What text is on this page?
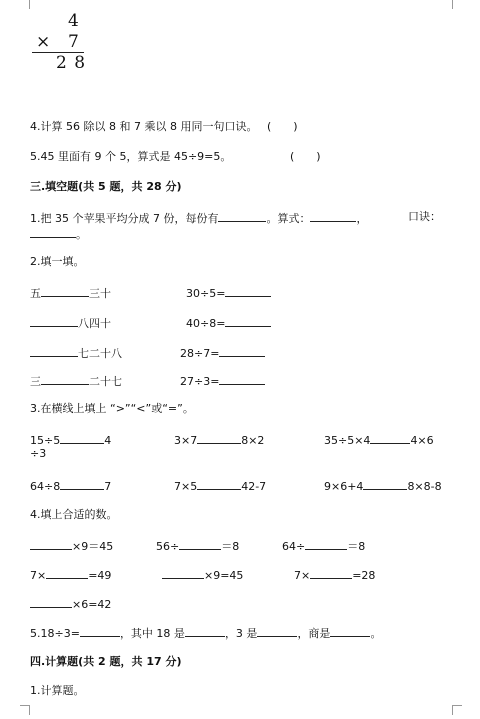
4
× 7
2 8
4.计算 56 除以 8 和 7 乘以 8 用同一句口诀。 (　　)
5.45 里面有 9 个 5，算式是 45÷9=5。	(　　)
三.填空题(共 5 题，共 28 分)
1.把 35 个苹果平均分成 7 份，每份有	。算式：	，	口诀：
。
2.填一填。
五	三十	30÷5=
八四十	40÷8=
七二十八	28÷7=
三	二十七	27÷3=
3.在横线上填上 “>”“<”或“=”。
15÷5	4	3×7	8×2	35÷5×4	4×6
÷3
64÷8	7	7×5	42-7	9×6+4	8×8-8
4.填上合适的数。
×9＝45	56÷	＝8	64÷	＝8
7×	=49	×9=45	7×	=28
×6=42
5.18÷3=	，其中 18 是	，3 是	，商是	。
四.计算题(共 2 题，共 17 分)
1.计算题。
